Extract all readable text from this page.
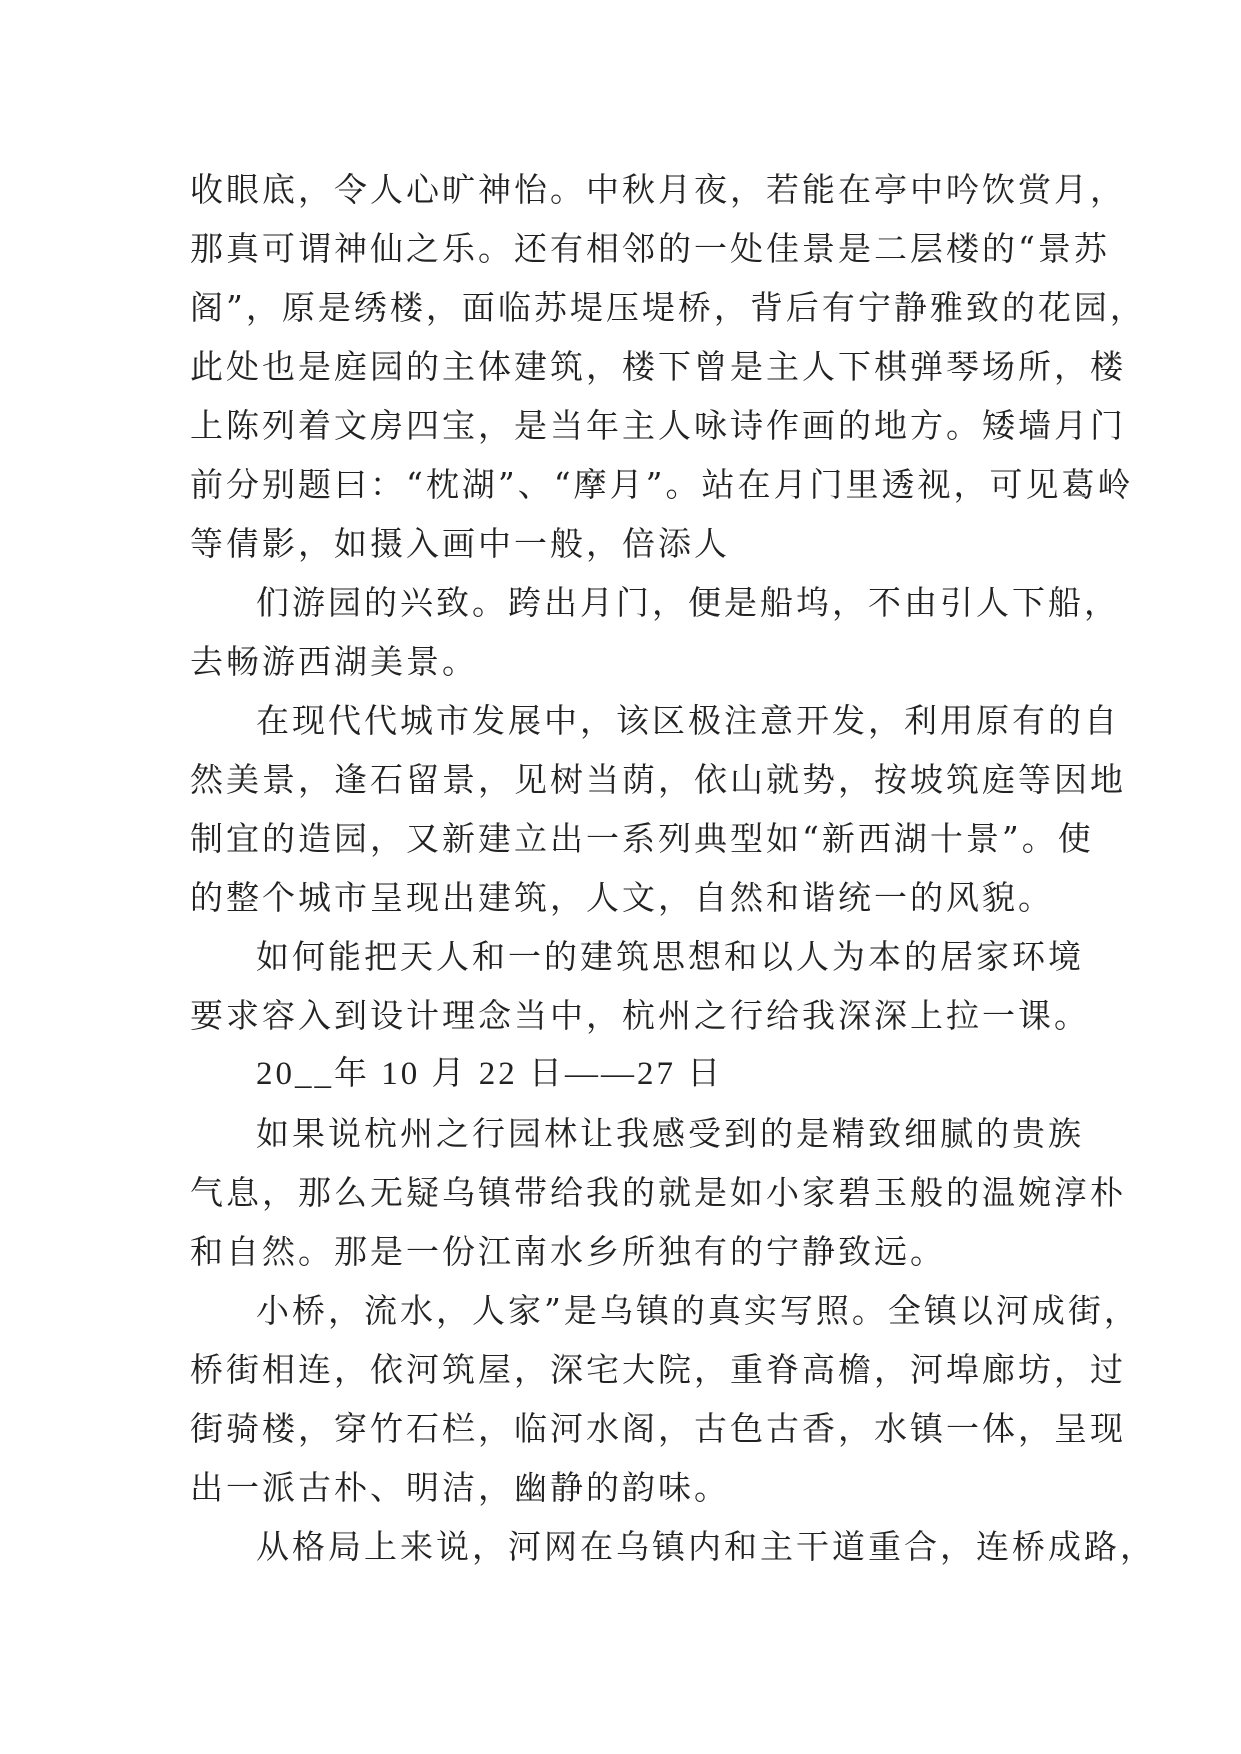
收眼底，令人心旷神怡。中秋月夜，若能在亭中吟饮赏月，

那真可谓神仙之乐。还有相邻的一处佳景是二层楼的“景苏

阁”，原是绣楼，面临苏堤压堤桥，背后有宁静雅致的花园，

此处也是庭园的主体建筑，楼下曾是主人下棋弹琴场所，楼

上陈列着文房四宝，是当年主人咏诗作画的地方。矮墙月门

前分别题曰：“枕湖”、“摩月”。站在月门里透视，可见葛岭

等倩影，如摄入画中一般，倍添人

们游园的兴致。跨出月门，便是船坞，不由引人下船，

去畅游西湖美景。

在现代代城市发展中，该区极注意开发，利用原有的自

然美景，逢石留景，见树当荫，依山就势，按坡筑庭等因地

制宜的造园，又新建立出一系列典型如“新西湖十景”。使

的整个城市呈现出建筑，人文，自然和谐统一的风貌。

如何能把天人和一的建筑思想和以人为本的居家环境

要求容入到设计理念当中，杭州之行给我深深上拉一课。

20__年 10 月 22 日——27 日

如果说杭州之行园林让我感受到的是精致细腻的贵族

气息，那么无疑乌镇带给我的就是如小家碧玉般的温婉淳朴

和自然。那是一份江南水乡所独有的宁静致远。

小桥，流水，人家”是乌镇的真实写照。全镇以河成街，

桥街相连，依河筑屋，深宅大院，重脊高檐，河埠廊坊，过

街骑楼，穿竹石栏，临河水阁，古色古香，水镇一体，呈现

出一派古朴、明洁，幽静的韵味。

从格局上来说，河网在乌镇内和主干道重合，连桥成路，
